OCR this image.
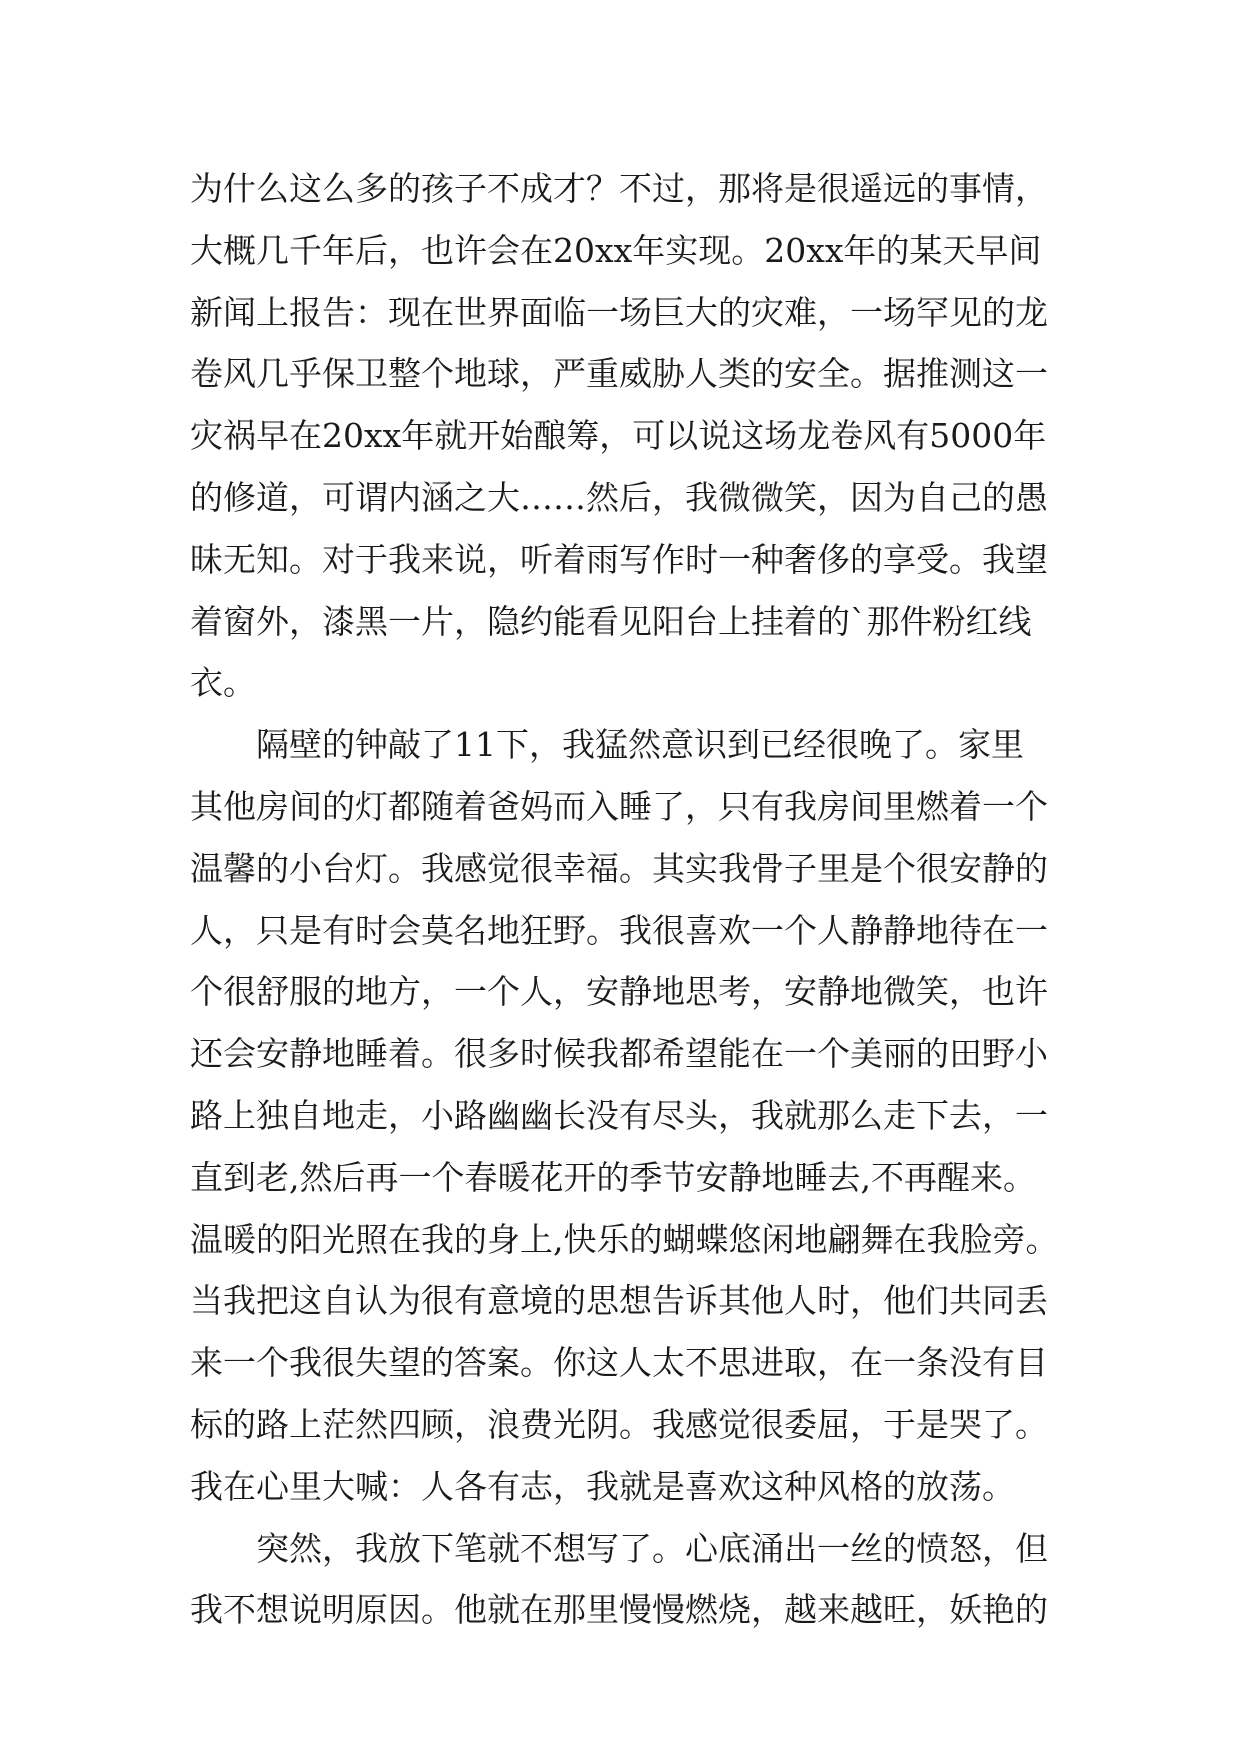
为什么这么多的孩子不成才？不过，那将是很遥远的事情，
大概几千年后，也许会在20xx年实现。20xx年的某天早间
新闻上报告：现在世界面临一场巨大的灾难，一场罕见的龙
卷风几乎保卫整个地球，严重威胁人类的安全。据推测这一
灾祸早在20xx年就开始酿筹，可以说这场龙卷风有5000年
的修道，可谓内涵之大……然后，我微微笑，因为自己的愚
昧无知。对于我来说，听着雨写作时一种奢侈的享受。我望
着窗外，漆黑一片，隐约能看见阳台上挂着的`那件粉红线
衣。
隔壁的钟敲了11下，我猛然意识到已经很晚了。家里
其他房间的灯都随着爸妈而入睡了，只有我房间里燃着一个
温馨的小台灯。我感觉很幸福。其实我骨子里是个很安静的
人，只是有时会莫名地狂野。我很喜欢一个人静静地待在一
个很舒服的地方，一个人，安静地思考，安静地微笑，也许
还会安静地睡着。很多时候我都希望能在一个美丽的田野小
路上独自地走，小路幽幽长没有尽头，我就那么走下去，一
直到老,然后再一个春暖花开的季节安静地睡去,不再醒来。
温暖的阳光照在我的身上,快乐的蝴蝶悠闲地翩舞在我脸旁。
当我把这自认为很有意境的思想告诉其他人时，他们共同丢
来一个我很失望的答案。你这人太不思进取，在一条没有目
标的路上茫然四顾，浪费光阴。我感觉很委屈，于是哭了。
我在心里大喊：人各有志，我就是喜欢这种风格的放荡。
突然，我放下笔就不想写了。心底涌出一丝的愤怒，但
我不想说明原因。他就在那里慢慢燃烧，越来越旺，妖艳的
